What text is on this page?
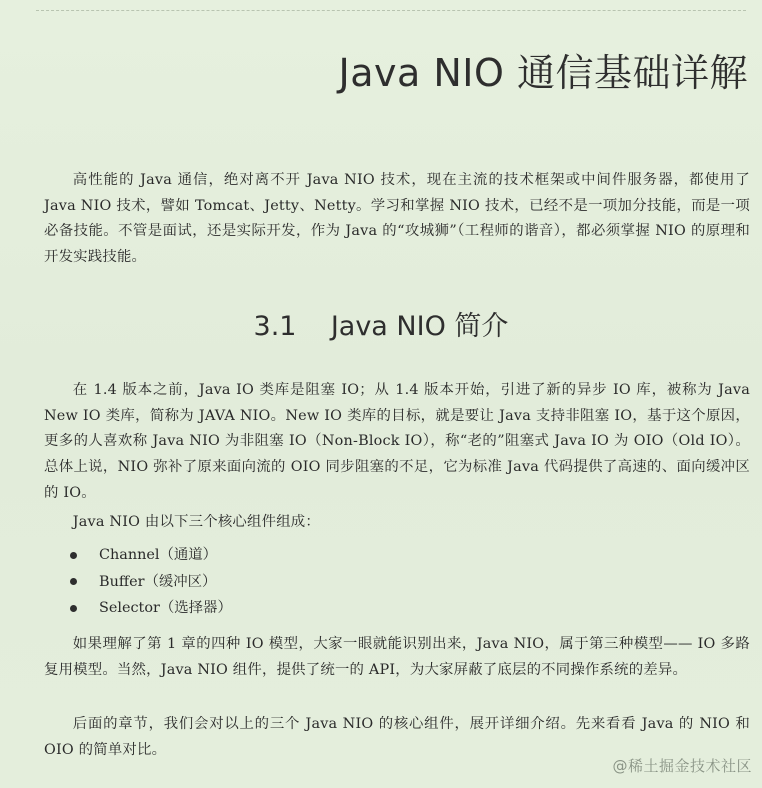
Java NIO 通信基础详解

高性能的 Java 通信，绝对离不开 Java NIO 技术，现在主流的技术框架或中间件服务器，都使用了 Java NIO 技术，譬如 Tomcat、Jetty、Netty。学习和掌握 NIO 技术，已经不是一项加分技能，而是一项必备技能。不管是面试，还是实际开发，作为 Java 的“攻城狮”（工程师的谐音），都必须掌握 NIO 的原理和开发实践技能。

3.1    Java NIO 简介

在 1.4 版本之前，Java IO 类库是阻塞 IO；从 1.4 版本开始，引进了新的异步 IO 库，被称为 Java New IO 类库，简称为 JAVA NIO。New IO 类库的目标，就是要让 Java 支持非阻塞 IO，基于这个原因，更多的人喜欢称 Java NIO 为非阻塞 IO（Non-Block IO），称“老的”阻塞式 Java IO 为 OIO（Old IO）。总体上说，NIO 弥补了原来面向流的 OIO 同步阻塞的不足，它为标准 Java 代码提供了高速的、面向缓冲区的 IO。

Java NIO 由以下三个核心组件组成：

Channel（通道）
Buffer（缓冲区）
Selector（选择器）

如果理解了第 1 章的四种 IO 模型，大家一眼就能识别出来，Java NIO，属于第三种模型—— IO 多路复用模型。当然，Java NIO 组件，提供了统一的 API，为大家屏蔽了底层的不同操作系统的差异。

后面的章节，我们会对以上的三个 Java NIO 的核心组件，展开详细介绍。先来看看 Java 的 NIO 和 OIO 的简单对比。

@稀土掘金技术社区
